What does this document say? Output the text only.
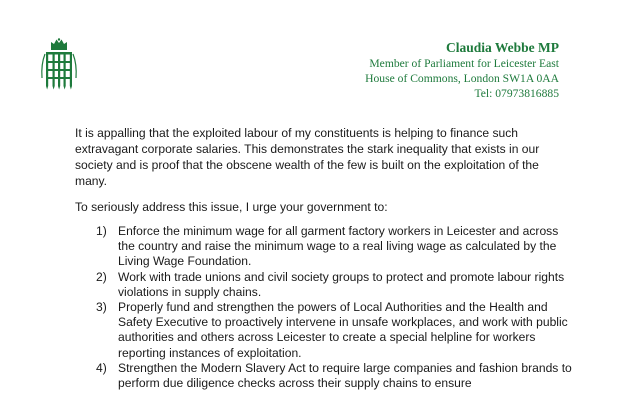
Claudia Webbe MP
Member of Parliament for Leicester East
House of Commons, London SW1A 0AA
Tel: 07973816885

It is appalling that the exploited labour of my constituents is helping to finance such extravagant corporate salaries. This demonstrates the stark inequality that exists in our society and is proof that the obscene wealth of the few is built on the exploitation of the many.

To seriously address this issue, I urge your government to:

1) Enforce the minimum wage for all garment factory workers in Leicester and across the country and raise the minimum wage to a real living wage as calculated by the Living Wage Foundation.
2) Work with trade unions and civil society groups to protect and promote labour rights violations in supply chains.
3) Properly fund and strengthen the powers of Local Authorities and the Health and Safety Executive to proactively intervene in unsafe workplaces, and work with public authorities and others across Leicester to create a special helpline for workers reporting instances of exploitation.
4) Strengthen the Modern Slavery Act to require large companies and fashion brands to perform due diligence checks across their supply chains to ensure
